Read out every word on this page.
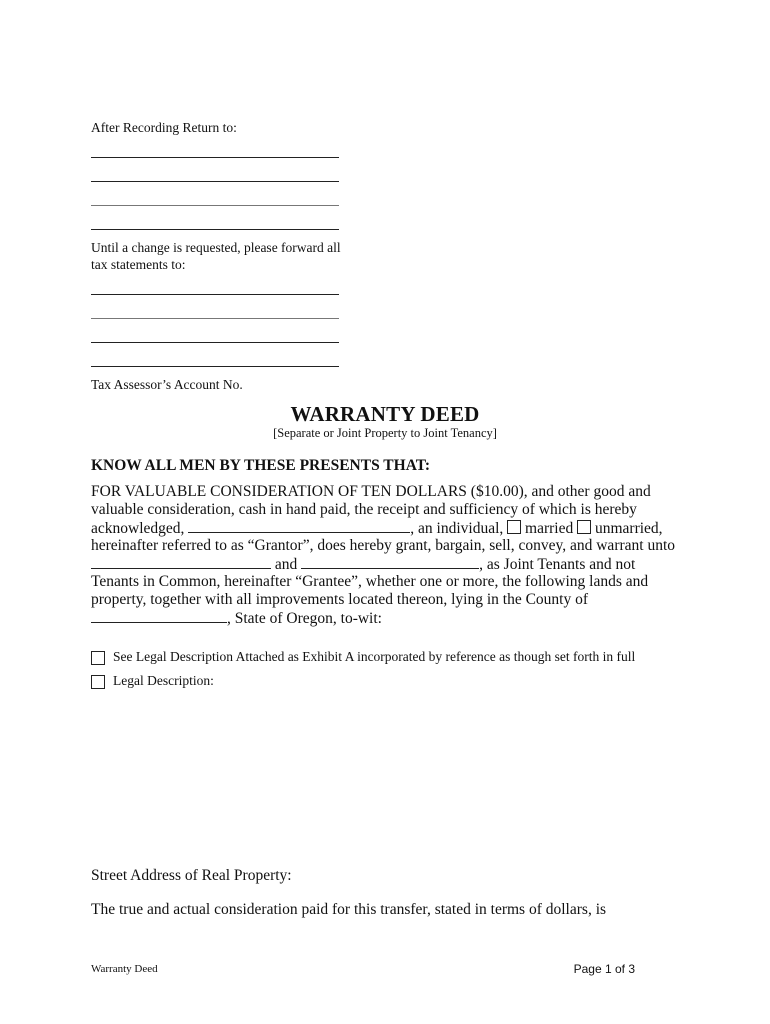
After Recording Return to:
Until a change is requested, please forward all
tax statements to:
Tax Assessor’s Account No.
WARRANTY DEED
[Separate or Joint Property to Joint Tenancy]
KNOW ALL MEN BY THESE PRESENTS THAT:
FOR VALUABLE CONSIDERATION OF TEN DOLLARS ($10.00), and other good and
valuable consideration, cash in hand paid, the receipt and sufficiency of which is hereby
acknowledged,	, an individual, married unmarried,
hereinafter referred to as “Grantor”, does hereby grant, bargain, sell, convey, and warrant unto
and	, as Joint Tenants and not
Tenants in Common, hereinafter “Grantee”, whether one or more, the following lands and
property, together with all improvements located thereon, lying in the County of
, State of Oregon, to-wit:
See Legal Description Attached as Exhibit A incorporated by reference as though set forth in full
Legal Description:
Street Address of Real Property:
The true and actual consideration paid for this transfer, stated in terms of dollars, is
Warranty Deed	Page 1 of 3
